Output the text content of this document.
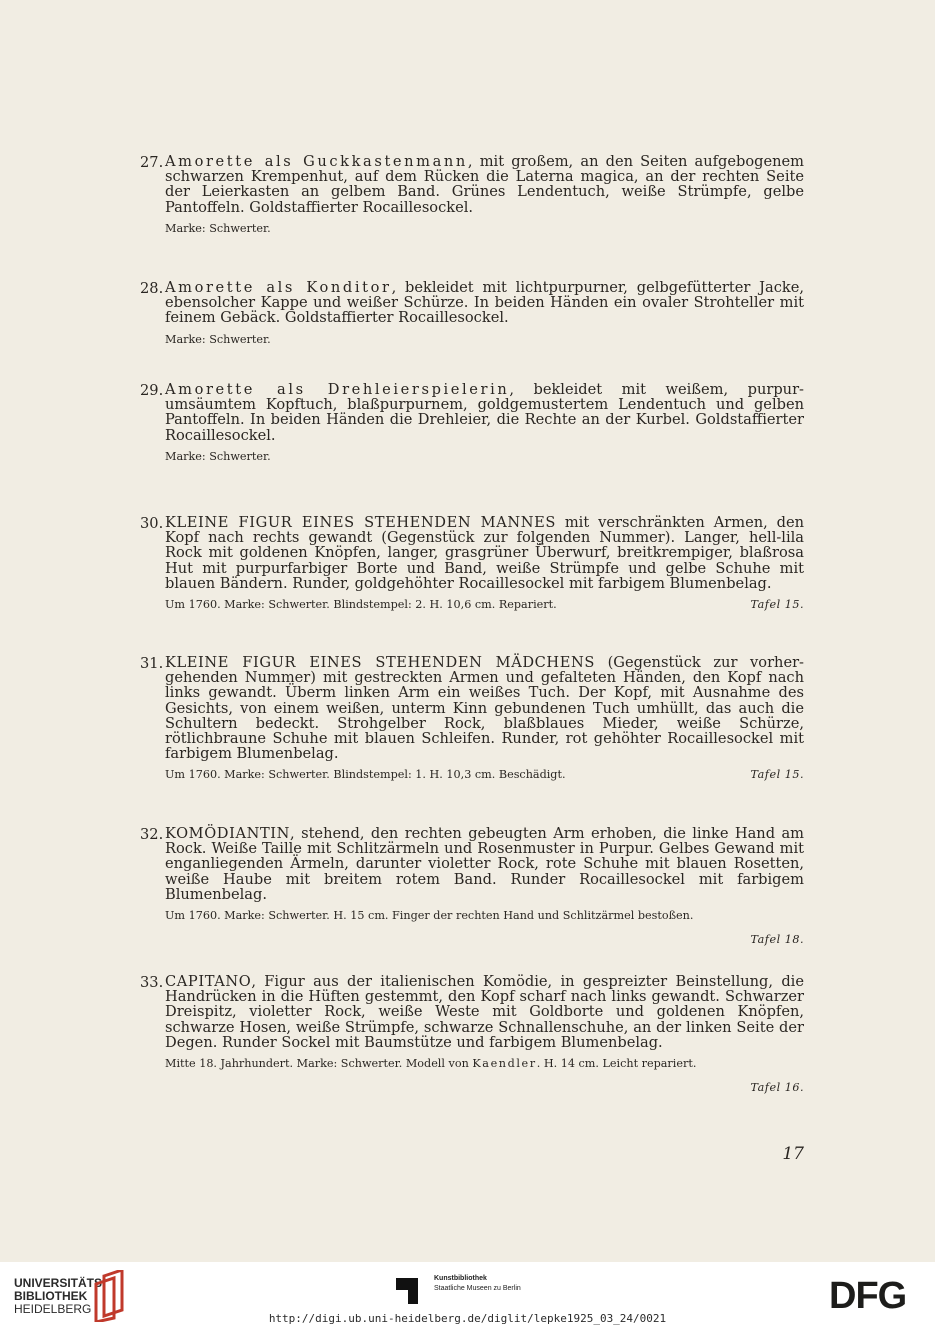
27. Amorette als Guckkastenmann, mit großem, an den Seiten aufgebogenem schwarzen Krempenhut, auf dem Rücken die Laterna magica, an der rechten Seite der Leierkasten an gelbem Band. Grünes Lendentuch, weiße Strümpfe, gelbe Pantoffeln. Goldstaffierter Rocaillesockel.

Marke: Schwerter.
28. Amorette als Konditor, bekleidet mit lichtpurpurner, gelbgefütterter Jacke, ebensolcher Kappe und weißer Schürze. In beiden Händen ein ovaler Strohteller mit feinem Gebäck. Goldstaffierter Rocaillesockel.

Marke: Schwerter.
29. Amorette als Drehleierspielerin, bekleidet mit weißem, purpur- umsäumtem Kopftuch, blaßpurpurnem, goldgemustertem Lendentuch und gelben Pantoffeln. In beiden Händen die Drehleier, die Rechte an der Kurbel. Goldstaffierter Rocaillesockel.

Marke: Schwerter.
30. KLEINE FIGUR EINES STEHENDEN MANNES mit verschränkten Armen, den Kopf nach rechts gewandt (Gegenstück zur folgenden Nummer). Langer, hell-lila Rock mit goldenen Knöpfen, langer, grasgrüner Überwurf, breitkrempiger, blaßrosa Hut mit purpurfarbiger Borte und Band, weiße Strümpfe und gelbe Schuhe mit blauen Bändern. Runder, goldgehöhter Rocaillesockel mit farbigem Blumenbelag.

Um 1760. Marke: Schwerter. Blindstempel: 2. H. 10,6 cm. Repariert.	Tafel 15.
31. KLEINE FIGUR EINES STEHENDEN MÄDCHENS (Gegenstück zur vorher- gehenden Nummer) mit gestreckten Armen und gefalteten Händen, den Kopf nach links gewandt. Überm linken Arm ein weißes Tuch. Der Kopf, mit Ausnahme des Gesichts, von einem weißen, unterm Kinn gebundenen Tuch umhüllt, das auch die Schultern bedeckt. Strohgelber Rock, blaßblaues Mieder, weiße Schürze, rötlichbraune Schuhe mit blauen Schleifen. Runder, rot gehöhter Rocaillesockel mit farbigem Blumenbelag.

Um 1760. Marke: Schwerter. Blindstempel: 1. H. 10,3 cm. Beschädigt.	Tafel 15.
32. KOMÖDIANTIN, stehend, den rechten gebeugten Arm erhoben, die linke Hand am Rock. Weiße Taille mit Schlitzärmeln und Rosenmuster in Purpur. Gelbes Gewand mit enganliegenden Ärmeln, darunter violetter Rock, rote Schuhe mit blauen Rosetten, weiße Haube mit breitem rotem Band. Runder Rocaillesockel mit farbigem Blumenbelag.

Um 1760. Marke: Schwerter. H. 15 cm. Finger der rechten Hand und Schlitzärmel bestoßen.
Tafel 18.
33. CAPITANO, Figur aus der italienischen Komödie, in gespreizter Beinstellung, die Handrücken in die Hüften gestemmt, den Kopf scharf nach links gewandt. Schwarzer Dreispitz, violetter Rock, weiße Weste mit Goldborte und goldenen Knöpfen, schwarze Hosen, weiße Strümpfe, schwarze Schnallenschuhe, an der linken Seite der Degen. Runder Sockel mit Baumstütze und farbigem Blumenbelag.

Mitte 18. Jahrhundert. Marke: Schwerter. Modell von Kaendler. H. 14 cm. Leicht repariert.
Tafel 16.
17
UNIVERSITÄTS-
BIBLIOTHEK
HEIDELBERG
Kunstbibliothek
Staatliche Museen zu Berlin	DFG
http://digi.ub.uni-heidelberg.de/diglit/lepke1925_03_24/0021
